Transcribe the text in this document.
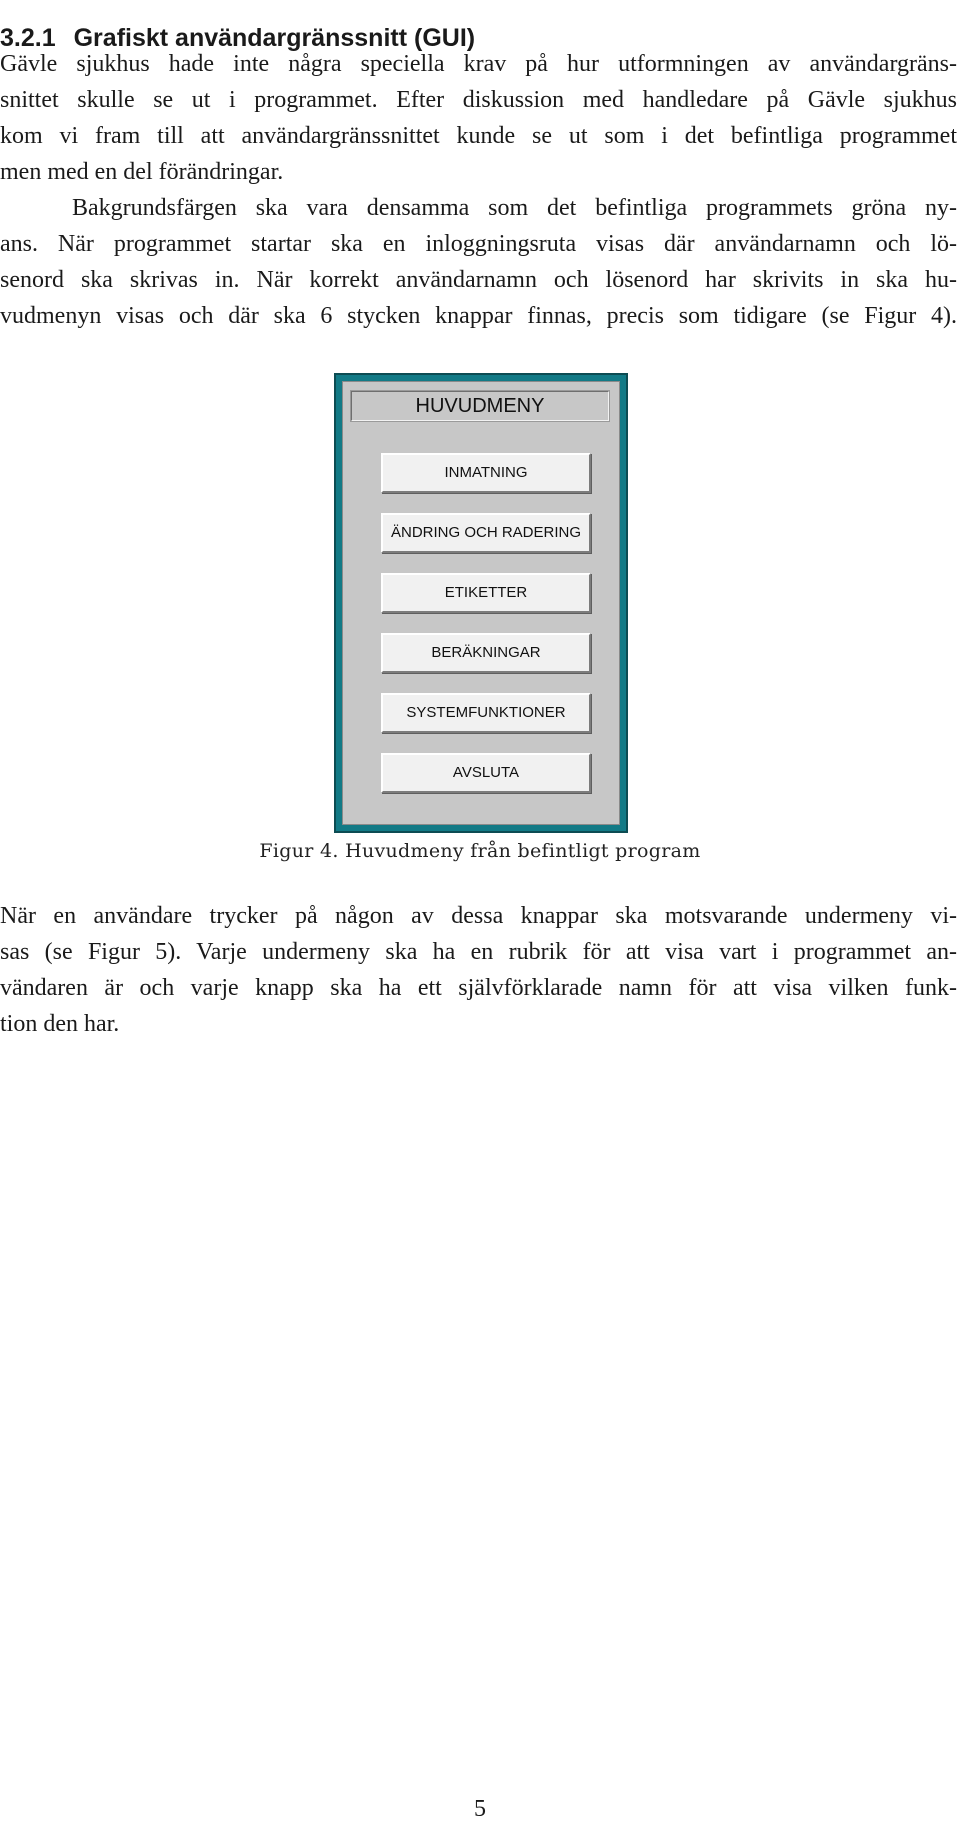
3.2.1 Grafiskt användargränssnitt (GUI)
Gävle sjukhus hade inte några speciella krav på hur utformningen av användargräns-
snittet skulle se ut i programmet. Efter diskussion med handledare på Gävle sjukhus
kom vi fram till att användargränssnittet kunde se ut som i det befintliga programmet
men med en del förändringar.
Bakgrundsfärgen ska vara densamma som det befintliga programmets gröna ny-
ans. När programmet startar ska en inloggningsruta visas där användarnamn och lö-
senord ska skrivas in. När korrekt användarnamn och lösenord har skrivits in ska hu-
vudmenyn visas och där ska 6 stycken knappar finnas, precis som tidigare (se Figur 4).
HUVUDMENY
INMATNING
ÄNDRING OCH RADERING
ETIKETTER
BERÄKNINGAR
SYSTEMFUNKTIONER
AVSLUTA
Figur 4. Huvudmeny från befintligt program
När en användare trycker på någon av dessa knappar ska motsvarande undermeny vi-
sas (se Figur 5). Varje undermeny ska ha en rubrik för att visa vart i programmet an-
vändaren är och varje knapp ska ha ett självförklarade namn för att visa vilken funk-
tion den har.
5
